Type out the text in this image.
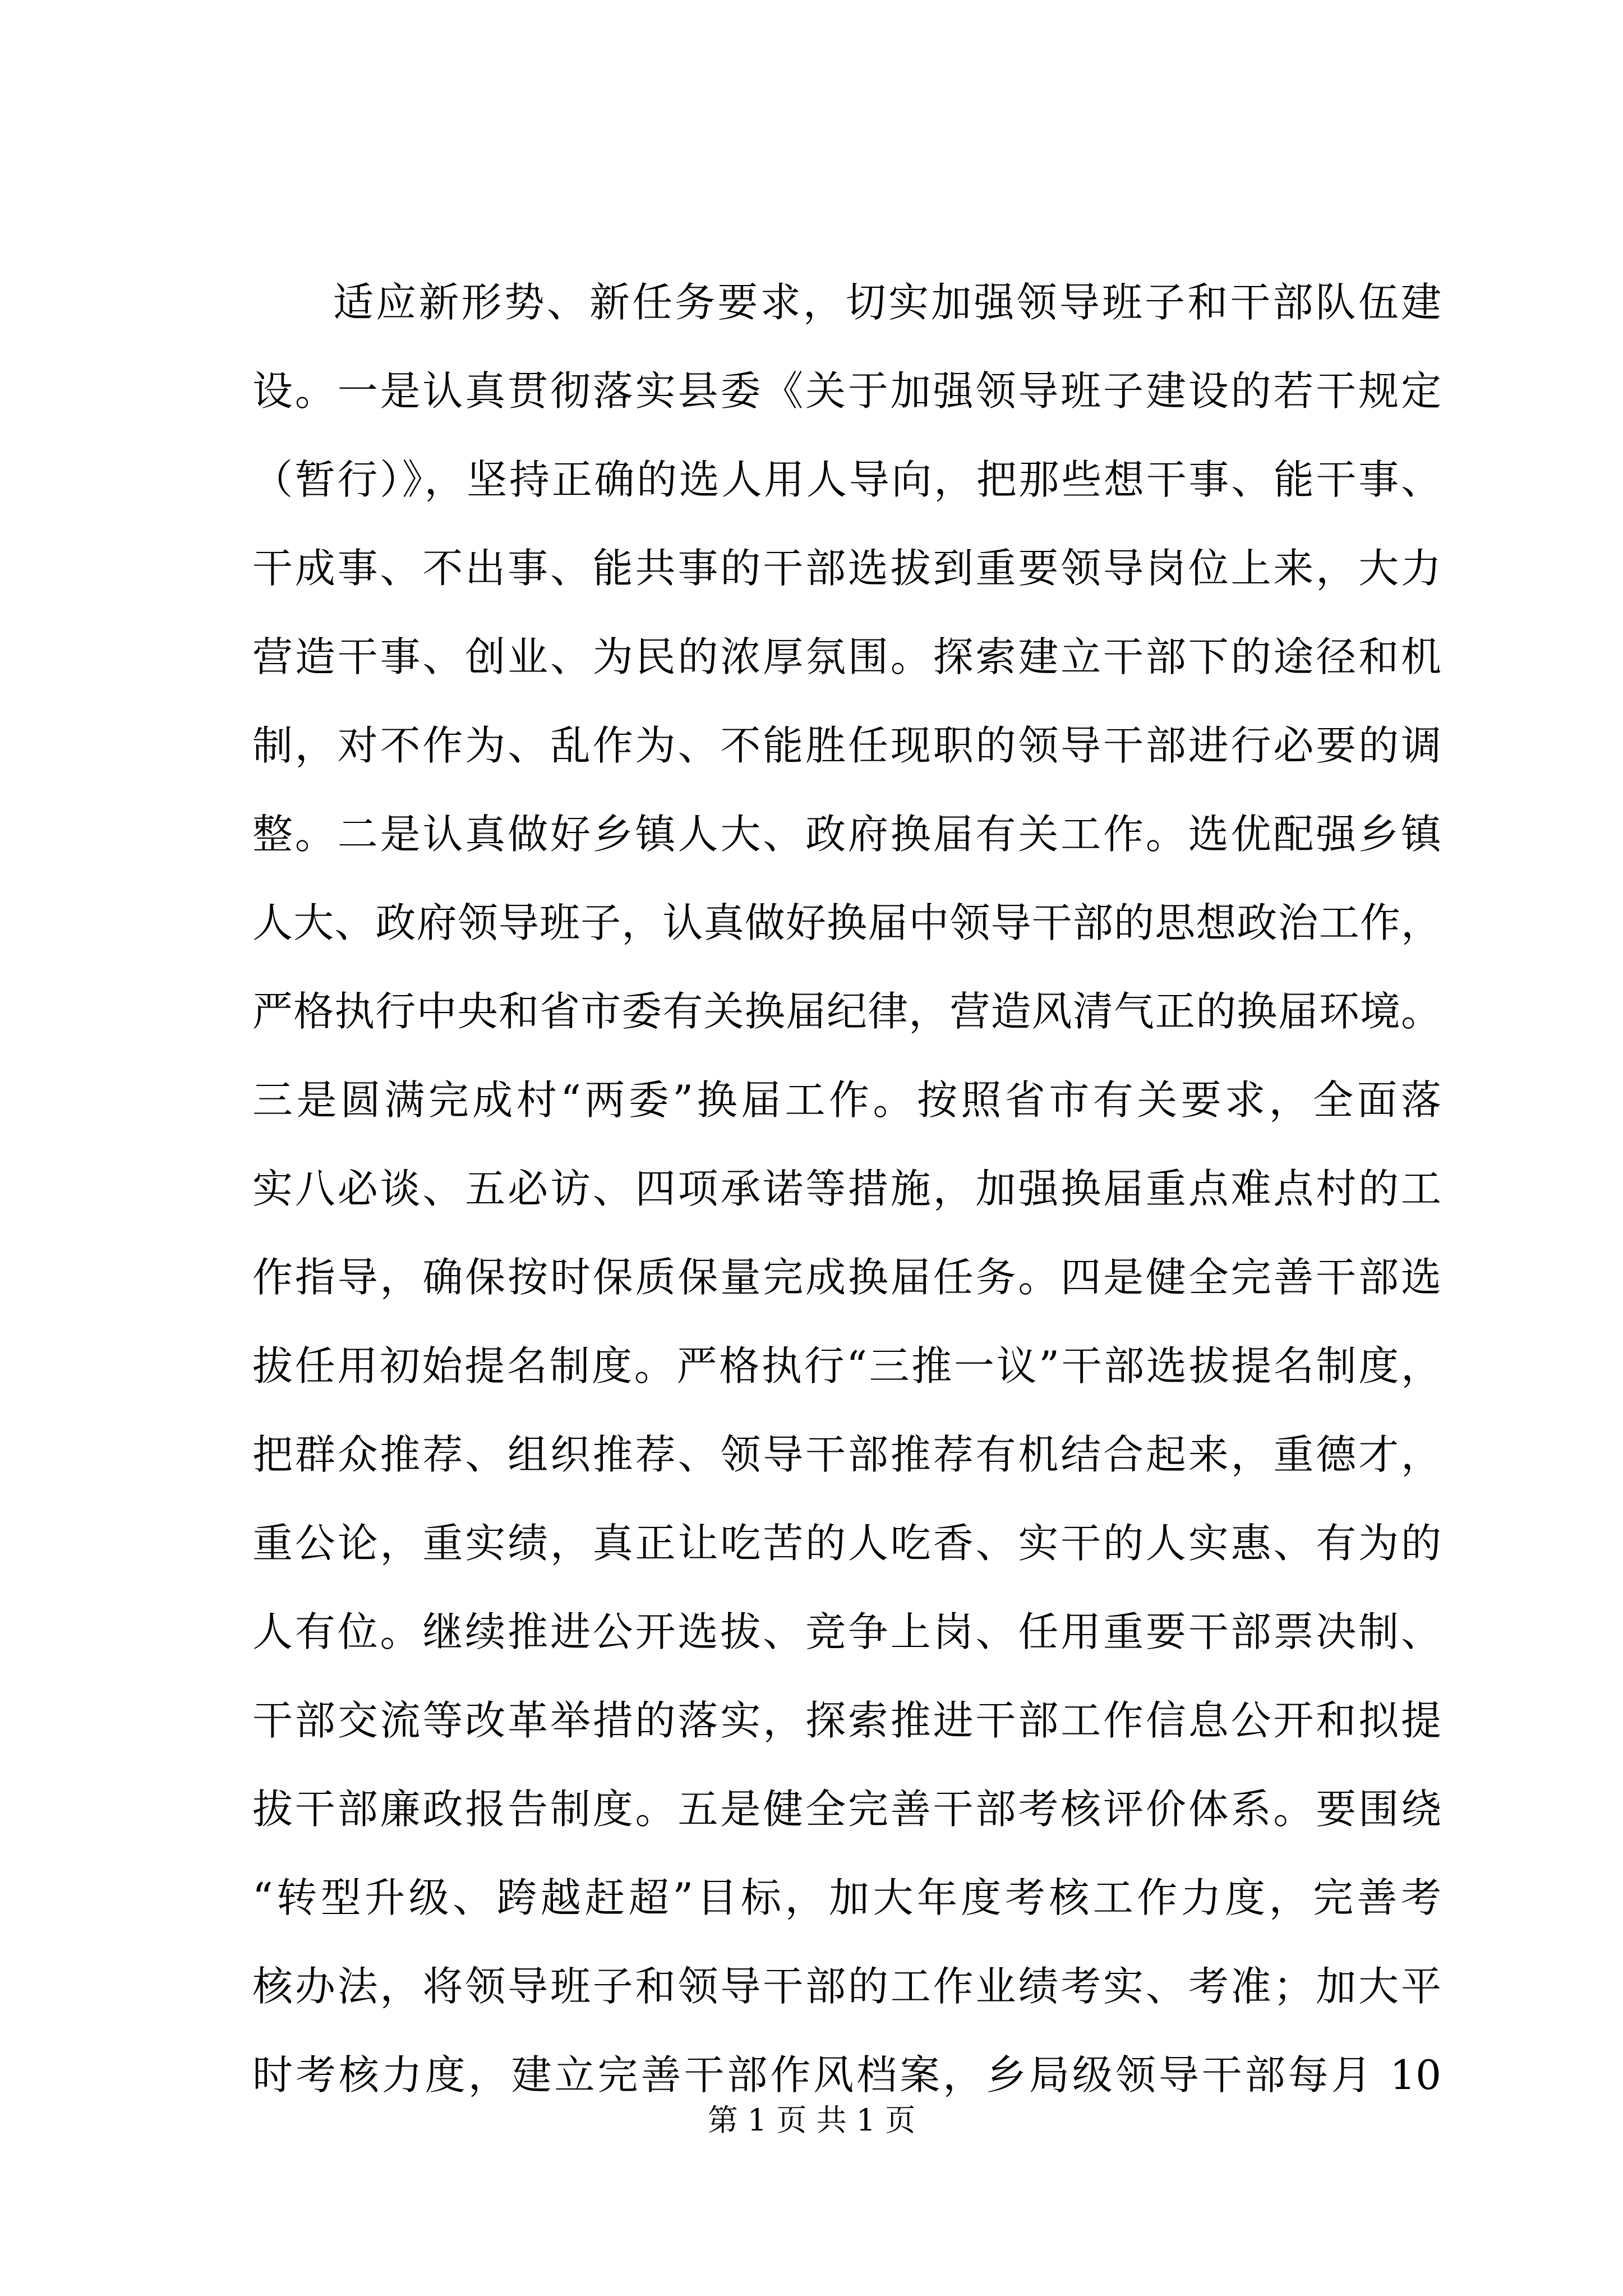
适应新形势、新任务要求，切实加强领导班子和干部队伍建
设。一是认真贯彻落实县委《关于加强领导班子建设的若干规定
（暂行）》，坚持正确的选人用人导向，把那些想干事、能干事、
干成事、不出事、能共事的干部选拔到重要领导岗位上来，大力
营造干事、创业、为民的浓厚氛围。探索建立干部下的途径和机
制，对不作为、乱作为、不能胜任现职的领导干部进行必要的调
整。二是认真做好乡镇人大、政府换届有关工作。选优配强乡镇
人大、政府领导班子，认真做好换届中领导干部的思想政治工作，
严格执行中央和省市委有关换届纪律，营造风清气正的换届环境。
三是圆满完成村“两委”换届工作。按照省市有关要求，全面落
实八必谈、五必访、四项承诺等措施，加强换届重点难点村的工
作指导，确保按时保质保量完成换届任务。四是健全完善干部选
拔任用初始提名制度。严格执行“三推一议”干部选拔提名制度，
把群众推荐、组织推荐、领导干部推荐有机结合起来，重德才，
重公论，重实绩，真正让吃苦的人吃香、实干的人实惠、有为的
人有位。继续推进公开选拔、竞争上岗、任用重要干部票决制、
干部交流等改革举措的落实，探索推进干部工作信息公开和拟提
拔干部廉政报告制度。五是健全完善干部考核评价体系。要围绕
“转型升级、跨越赶超”目标，加大年度考核工作力度，完善考
核办法，将领导班子和领导干部的工作业绩考实、考准；加大平
时考核力度，建立完善干部作风档案，乡局级领导干部每月 10
第 1 页 共 1 页
